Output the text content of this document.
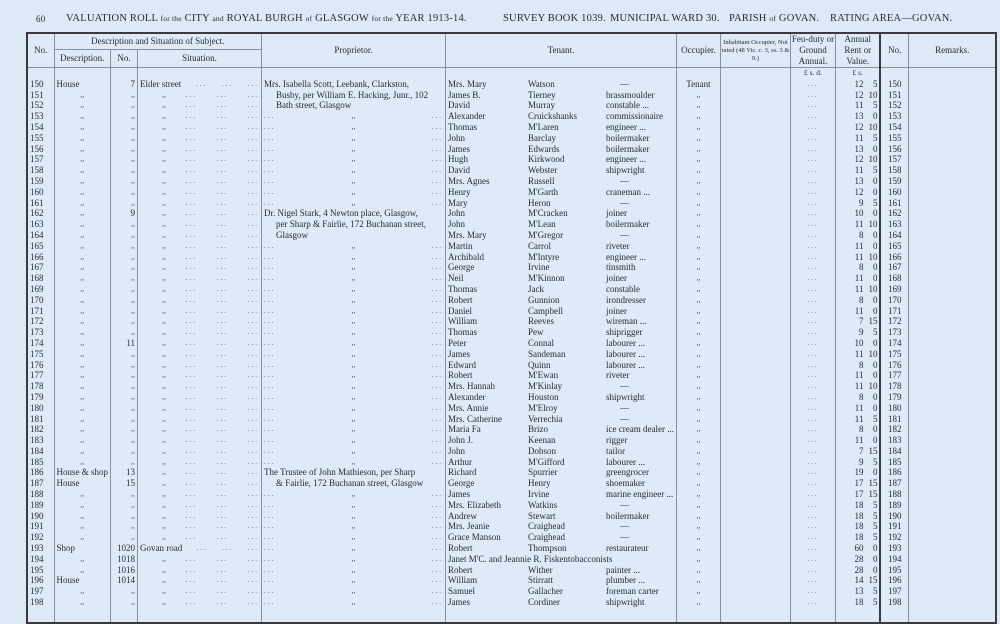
60 VALUATION ROLL for the CITY and ROYAL BURGH of GLASGOW for the YEAR 1913-14.	SURVEY BOOK 1039. MUNICIPAL WARD 30. PARISH of GOVAN. RATING AREA—GOVAN.
No.	Description and Situation of Subject.			Proprietor.	Tenant.	Occupier.	Inhabitant Occupier, Not rated (48 Vic. c. 3, ss. 3 & 9.)	Feu-duty or Ground Annual.	Annual Rent or Value.	No.	Remarks.
	Description.	No.	Situation.								
								£ s. d.	£ s.		
150	House	7	Elder street ... ... ...	Mrs. Isabella Scott, Leebank, Clarkston,	Mrs. Mary Watson —	Tenant		...	12 5	150	
151	,,	,,	,, ... ... ...	Busby, per William E. Hacking, Junr., 102	James B. Tierney brassmoulder	,,		...	12 10	151	
152	,,	,,	,, ... ... ...	Bath street, Glasgow	David Murray constable ...	,,		...	11 5	152	
153	,,	,,	,, ... ... ...	... ,, ...	Alexander Cruickshanks commissionaire	,,		...	13 0	153	
154	,,	,,	,, ... ... ...	... ,, ...	Thomas M'Laren engineer ...	,,		...	12 10	154	
155	,,	,,	,, ... ... ...	... ,, ...	John Barclay boilermaker	,,		...	11 5	155	
156	,,	,,	,, ... ... ...	... ,, ...	James Edwards boilermaker	,,		...	13 0	156	
157	,,	,,	,, ... ... ...	... ,, ...	Hugh Kirkwood engineer ...	,,		...	12 10	157	
158	,,	,,	,, ... ... ...	... ,, ...	David Webster shipwright	,,		...	11 5	158	
159	,,	,,	,, ... ... ...	... ,, ...	Mrs. Agnes Russell —	,,		...	13 0	159	
160	,,	,,	,, ... ... ...	... ,, ...	Henry M'Garth craneman ...	,,		...	12 0	160	
161	,,	,,	,, ... ... ...	... ,, ...	Mary Heron —	,,		...	9 5	161	
162	,,	9	,, ... ... ...	Dr. Nigel Stark, 4 Newton place, Glasgow,	John M'Cracken joiner	,,		...	10 0	162	
163	,,	,,	,, ... ... ...	per Sharp & Fairlie, 172 Buchanan street,	John M'Lean boilermaker	,,		...	11 10	163	
164	,,	,,	,, ... ... ...	Glasgow	Mrs. Mary M'Gregor —	,,		...	8 0	164	
165	,,	,,	,, ... ... ...	... ,, ...	Martin Carrol riveter	,,		...	11 0	165	
166	,,	,,	,, ... ... ...	... ,, ...	Archibald M'Intyre engineer ...	,,		...	11 10	166	
167	,,	,,	,, ... ... ...	... ,, ...	George Irvine tinsmith	,,		...	8 0	167	
168	,,	,,	,, ... ... ...	... ,, ...	Neil M'Kinnon joiner	,,		...	11 0	168	
169	,,	,,	,, ... ... ...	... ,, ...	Thomas Jack constable	,,		...	11 10	169	
170	,,	,,	,, ... ... ...	... ,, ...	Robert Gunnion irondresser	,,		...	8 0	170	
171	,,	,,	,, ... ... ...	... ,, ...	Daniel Campbell joiner	,,		...	11 0	171	
172	,,	,,	,, ... ... ...	... ,, ...	William Reeves wireman ...	,,		...	7 15	172	
173	,,	,,	,, ... ... ...	... ,, ...	Thomas Pew shiprigger	,,		...	9 5	173	
174	,,	11	,, ... ... ...	... ,, ...	Peter Connal labourer ...	,,		...	10 0	174	
175	,,	,,	,, ... ... ...	... ,, ...	James Sandeman labourer ...	,,		...	11 10	175	
176	,,	,,	,, ... ... ...	... ,, ...	Edward Quinn labourer ...	,,		...	8 0	176	
177	,,	,,	,, ... ... ...	... ,, ...	Robert M'Ewan riveter	,,		...	11 0	177	
178	,,	,,	,, ... ... ...	... ,, ...	Mrs. Hannah M'Kinlay —	,,		...	11 10	178	
179	,,	,,	,, ... ... ...	... ,, ...	Alexander Houston shipwright	,,		...	8 0	179	
180	,,	,,	,, ... ... ...	... ,, ...	Mrs. Annie M'Elroy —	,,		...	11 0	180	
181	,,	,,	,, ... ... ...	... ,, ...	Mrs. Catherine Verrechia —	,,		...	11 5	181	
182	,,	,,	,, ... ... ...	... ,, ...	Maria Fa Brizo ice cream dealer ...	,,		...	8 0	182	
183	,,	,,	,, ... ... ...	... ,, ...	John J. Keenan rigger	,,		...	11 0	183	
184	,,	,,	,, ... ... ...	... ,, ...	John Dobson tailor	,,		...	7 15	184	
185	,,	,,	,, ... ... ...	... ,, ...	Arthur M'Gifford labourer ...	,,		...	9 5	185	
186	House & shop	13	,, ... ... ...	The Trustee of John Mathieson, per Sharp	Richard Spurrier greengrocer	,,		...	19 0	186	
187	House	15	,, ... ... ...	& Fairlie, 172 Buchanan street, Glasgow	George Henry shoemaker	,,		...	17 15	187	
188	,,	,,	,, ... ... ...	... ,, ...	James Irvine marine engineer ...	,,		...	17 15	188	
189	,,	,,	,, ... ... ...	... ,, ...	Mrs. Elizabeth Watkins —	,,		...	18 5	189	
190	,,	,,	,, ... ... ...	... ,, ...	Andrew Stewart boilermaker	,,		...	18 5	190	
191	,,	,,	,, ... ... ...	... ,, ...	Mrs. Jeanie Craighead —	,,		...	18 5	191	
192	,,	,,	,, ... ... ...	... ,, ...	Grace Manson Craighead —	,,		...	18 5	192	
193	Shop	1020	Govan road ... ... ...	... ,, ...	Robert Thompson restaurateur	,,		...	60 0	193	
194	,,	1018	,, ... ... ...	... ,, ...	Janet M'C. and Jeannie R. Fisken tobacconists	,,		...	28 0	194	
195	,,	1016	,, ... ... ...	... ,, ...	Robert Wither painter ...	,,		...	28 0	195	
196	House	1014	,, ... ... ...	... ,, ...	William Stirratt plumber ...	,,		...	14 15	196	
197	,,	,,	,, ... ... ...	... ,, ...	Samuel Gallacher foreman carter	,,		...	13 5	197	
198	,,	,,	,, ... ... ...	... ,, ...	James Cordiner shipwright	,,		...	18 5	198	
